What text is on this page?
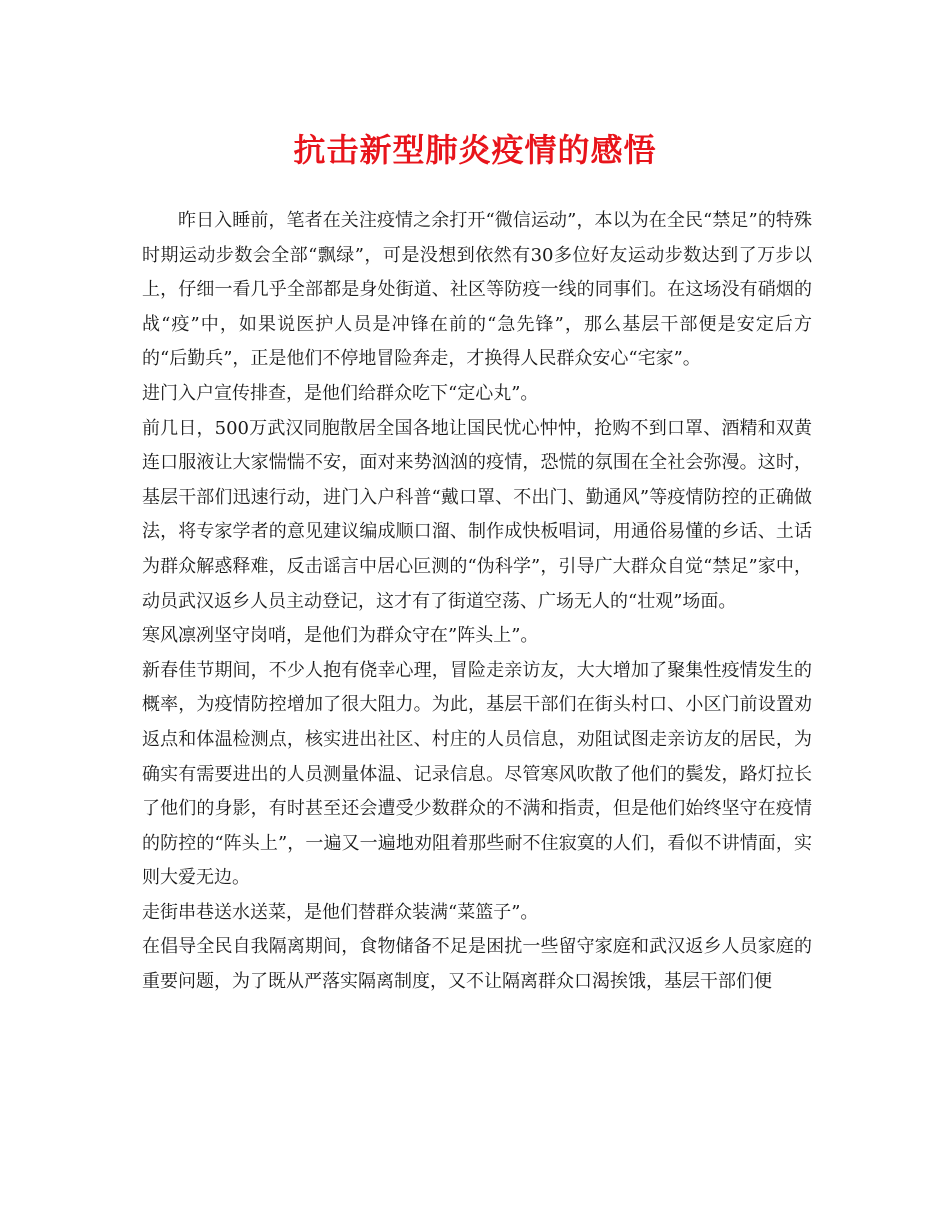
抗击新型肺炎疫情的感悟

昨日入睡前，笔者在关注疫情之余打开“微信运动”，本以为在全民“禁足”的特殊时期运动步数会全部“飘绿”，可是没想到依然有30多位好友运动步数达到了万步以上，仔细一看几乎全部都是身处街道、社区等防疫一线的同事们。在这场没有硝烟的战“疫”中，如果说医护人员是冲锋在前的“急先锋”，那么基层干部便是安定后方的“后勤兵”，正是他们不停地冒险奔走，才换得人民群众安心“宅家”。

进门入户宣传排查，是他们给群众吃下“定心丸”。

前几日，500万武汉同胞散居全国各地让国民忧心忡忡，抢购不到口罩、酒精和双黄连口服液让大家惴惴不安，面对来势汹汹的疫情，恐慌的氛围在全社会弥漫。这时，基层干部们迅速行动，进门入户科普“戴口罩、不出门、勤通风”等疫情防控的正确做法，将专家学者的意见建议编成顺口溜、制作成快板唱词，用通俗易懂的乡话、土话为群众解惑释难，反击谣言中居心叵测的“伪科学”，引导广大群众自觉“禁足”家中，动员武汉返乡人员主动登记，这才有了街道空荡、广场无人的“壮观”场面。

寒风凛冽坚守岗哨，是他们为群众守在”阵头上”。

新春佳节期间，不少人抱有侥幸心理，冒险走亲访友，大大增加了聚集性疫情发生的概率，为疫情防控增加了很大阻力。为此，基层干部们在街头村口、小区门前设置劝返点和体温检测点，核实进出社区、村庄的人员信息，劝阻试图走亲访友的居民，为确实有需要进出的人员测量体温、记录信息。尽管寒风吹散了他们的鬓发，路灯拉长了他们的身影，有时甚至还会遭受少数群众的不满和指责，但是他们始终坚守在疫情的防控的“阵头上”，一遍又一遍地劝阻着那些耐不住寂寞的人们，看似不讲情面，实则大爱无边。

走街串巷送水送菜，是他们替群众装满“菜篮子”。

在倡导全民自我隔离期间，食物储备不足是困扰一些留守家庭和武汉返乡人员家庭的重要问题，为了既从严落实隔离制度，又不让隔离群众口渴挨饿，基层干部们便
